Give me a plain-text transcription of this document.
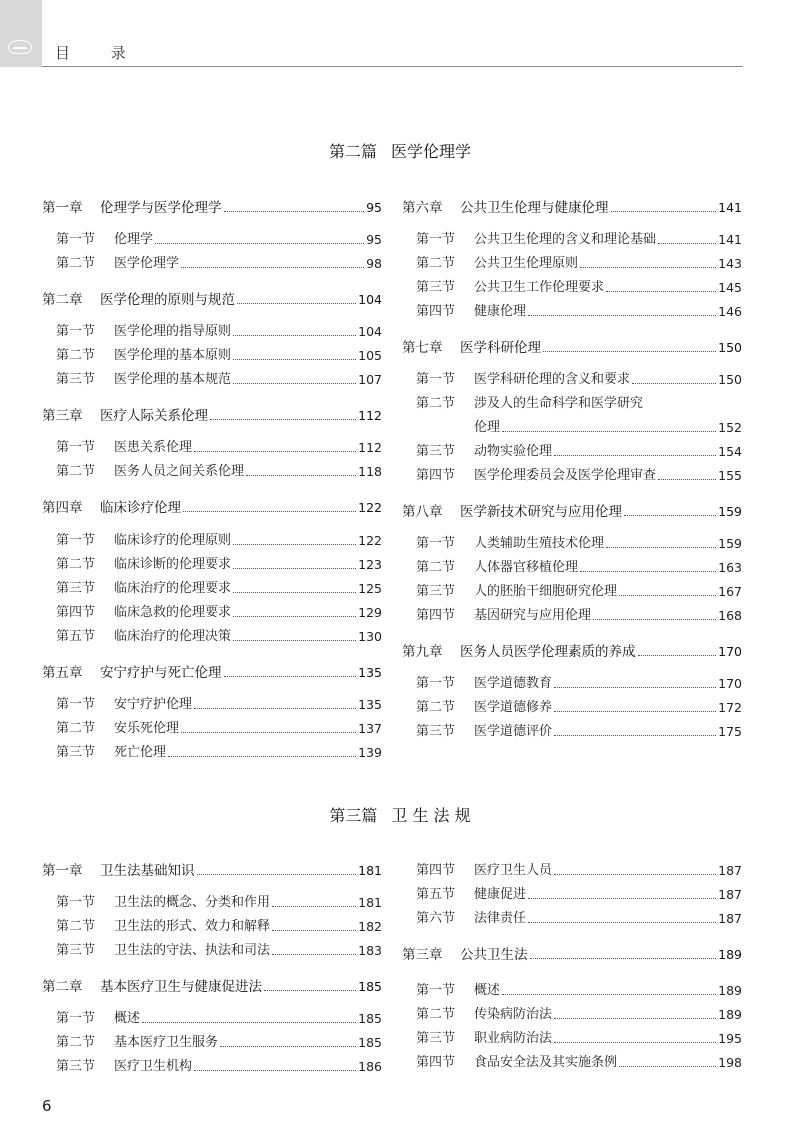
目 录
第二篇 医学伦理学
第一章	伦理学与医学伦理学	95
第一节	伦理学	95
第二节	医学伦理学	98
第二章	医学伦理的原则与规范	104
第一节	医学伦理的指导原则	104
第二节	医学伦理的基本原则	105
第三节	医学伦理的基本规范	107
第三章	医疗人际关系伦理	112
第一节	医患关系伦理	112
第二节	医务人员之间关系伦理	118
第四章	临床诊疗伦理	122
第一节	临床诊疗的伦理原则	122
第二节	临床诊断的伦理要求	123
第三节	临床治疗的伦理要求	125
第四节	临床急救的伦理要求	129
第五节	临床治疗的伦理决策	130
第五章	安宁疗护与死亡伦理	135
第一节	安宁疗护伦理	135
第二节	安乐死伦理	137
第三节	死亡伦理	139
第六章	公共卫生伦理与健康伦理	141
第一节	公共卫生伦理的含义和理论基础	141
第二节	公共卫生伦理原则	143
第三节	公共卫生工作伦理要求	145
第四节	健康伦理	146
第七章	医学科研伦理	150
第一节	医学科研伦理的含义和要求	150
第二节	涉及人的生命科学和医学研究
伦理	152
第三节	动物实验伦理	154
第四节	医学伦理委员会及医学伦理审查	155
第八章	医学新技术研究与应用伦理	159
第一节	人类辅助生殖技术伦理	159
第二节	人体器官移植伦理	163
第三节	人的胚胎干细胞研究伦理	167
第四节	基因研究与应用伦理	168
第九章	医务人员医学伦理素质的养成	170
第一节	医学道德教育	170
第二节	医学道德修养	172
第三节	医学道德评价	175
第三篇 卫 生 法 规
第一章	卫生法基础知识	181
第一节	卫生法的概念、分类和作用	181
第二节	卫生法的形式、效力和解释	182
第三节	卫生法的守法、执法和司法	183
第二章	基本医疗卫生与健康促进法	185
第一节	概述	185
第二节	基本医疗卫生服务	185
第三节	医疗卫生机构	186
第四节	医疗卫生人员	187
第五节	健康促进	187
第六节	法律责任	187
第三章	公共卫生法	189
第一节	概述	189
第二节	传染病防治法	189
第三节	职业病防治法	195
第四节	食品安全法及其实施条例	198
6
